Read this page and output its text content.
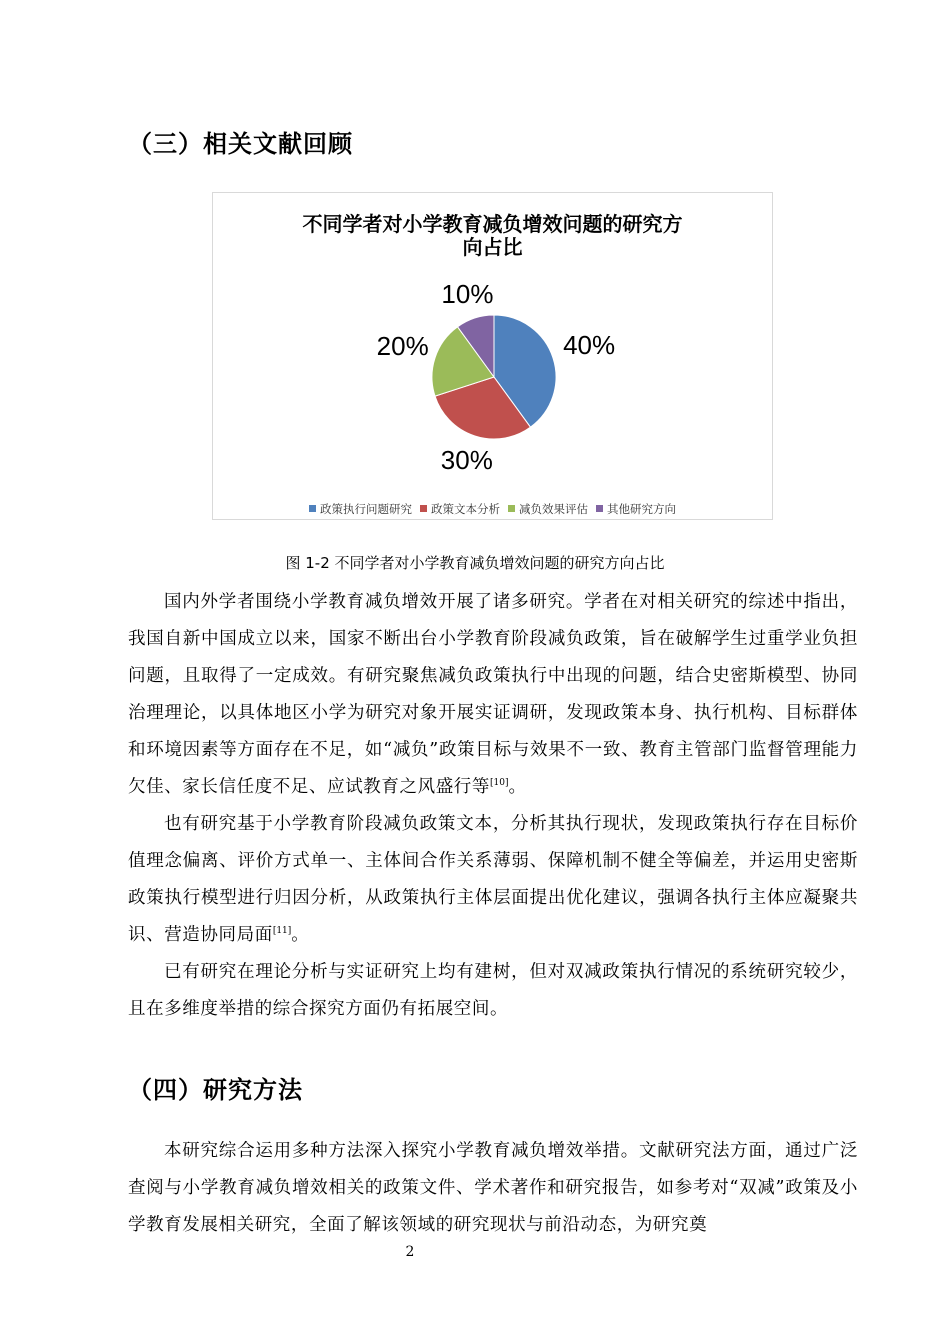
（三）相关文献回顾
不同学者对小学教育减负增效问题的研究方
向占比
40%
30%
20%
10%
政策执行问题研究 政策文本分析 减负效果评估 其他研究方向
图 1-2 不同学者对小学教育减负增效问题的研究方向占比
国内外学者围绕小学教育减负增效开展了诸多研究。学者在对相关研究的综述中指出，我国自新中国成立以来，国家不断出台小学教育阶段减负政策，旨在破解学生过重学业负担问题，且取得了一定成效。有研究聚焦减负政策执行中出现的问题，结合史密斯模型、协同治理理论，以具体地区小学为研究对象开展实证调研，发现政策本身、执行机构、目标群体和环境因素等方面存在不足，如“减负”政策目标与效果不一致、教育主管部门监督管理能力欠佳、家长信任度不足、应试教育之风盛行等[10]。
也有研究基于小学教育阶段减负政策文本，分析其执行现状，发现政策执行存在目标价值理念偏离、评价方式单一、主体间合作关系薄弱、保障机制不健全等偏差，并运用史密斯政策执行模型进行归因分析，从政策执行主体层面提出优化建议，强调各执行主体应凝聚共识、营造协同局面[11]。
已有研究在理论分析与实证研究上均有建树，但对双减政策执行情况的系统研究较少，且在多维度举措的综合探究方面仍有拓展空间。
（四）研究方法
本研究综合运用多种方法深入探究小学教育减负增效举措。文献研究法方面，通过广泛查阅与小学教育减负增效相关的政策文件、学术著作和研究报告，如参考对“双减”政策及小学教育发展相关研究，全面了解该领域的研究现状与前沿动态，为研究奠
2
